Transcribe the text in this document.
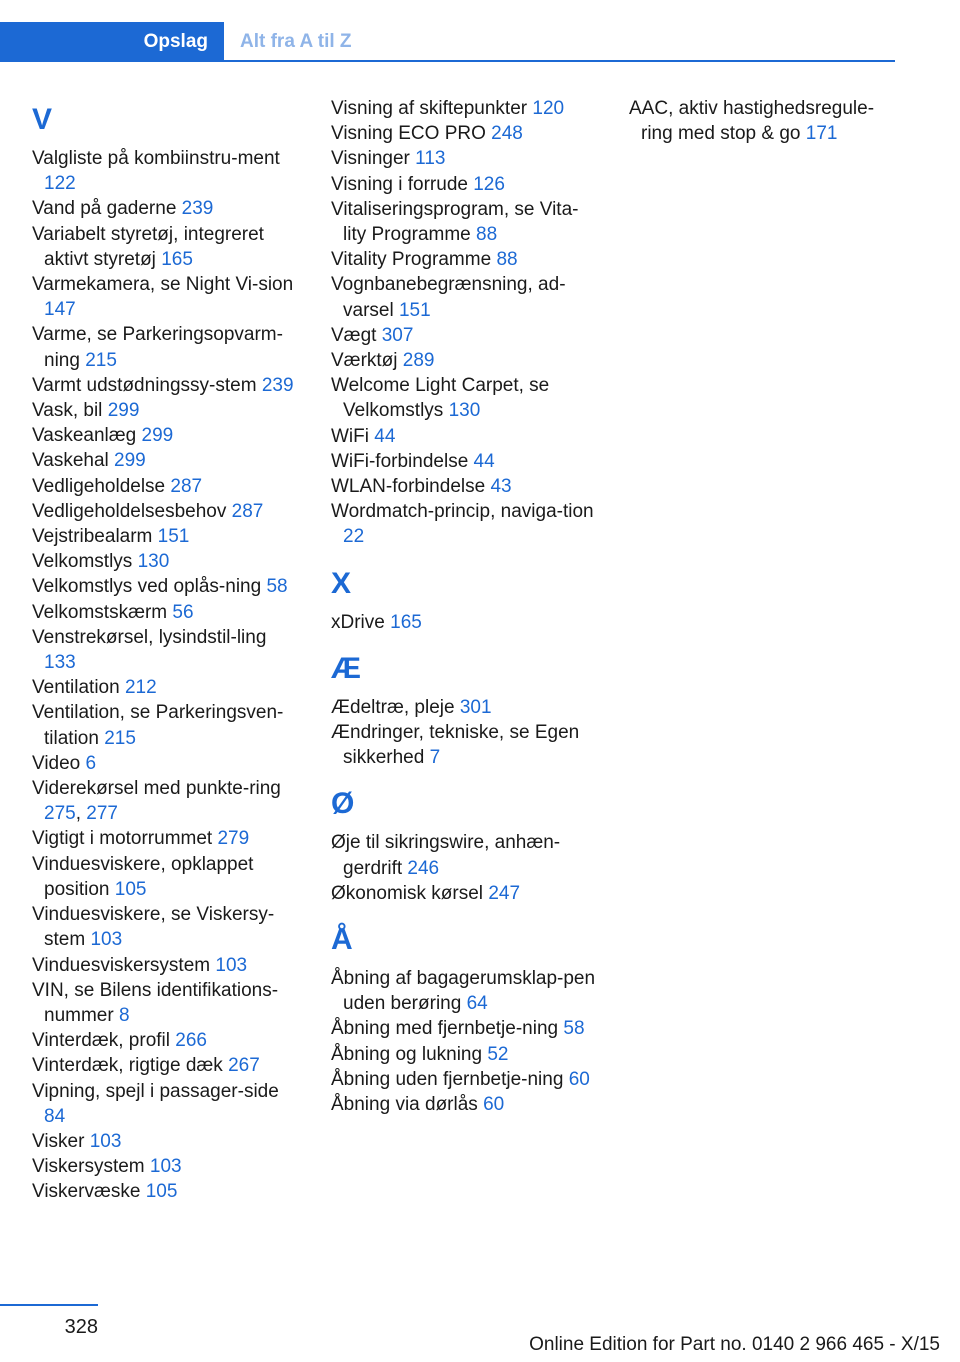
Opslag	Alt fra A til Z
V
Valgliste på kombiinstru‐ment 122
Vand på gaderne 239
Variabelt styretøj, integreret aktivt styretøj 165
Varmekamera, se Night Vi‐sion 147
Varme, se Parkeringsopvarm‐ning 215
Varmt udstødningssy‐stem 239
Vask, bil 299
Vaskeanlæg 299
Vaskehal 299
Vedligeholdelse 287
Vedligeholdelsesbehov 287
Vejstribealarm 151
Velkomstlys 130
Velkomstlys ved oplås‐ning 58
Velkomstskærm 56
Venstrekørsel, lysindstil‐ling 133
Ventilation 212
Ventilation, se Parkeringsven‐tilation 215
Video 6
Viderekørsel med punkte‐ring 275, 277
Vigtigt i motorrummet 279
Vinduesviskere, opklappet position 105
Vinduesviskere, se Viskersy‐stem 103
Vinduesviskersystem 103
VIN, se Bilens identifikations‐nummer 8
Vinterdæk, profil 266
Vinterdæk, rigtige dæk 267
Vipning, spejl i passager‐side 84
Visker 103
Viskersystem 103
Viskervæske 105
Visning af skiftepunkter 120
Visning ECO PRO 248
Visninger 113
Visning i forrude 126
Vitaliseringsprogram, se Vita‐lity Programme 88
Vitality Programme 88
Vognbanebegrænsning, ad‐varsel 151
Vægt 307
Værktøj 289
Welcome Light Carpet, se Velkomstlys 130
WiFi 44
WiFi-forbindelse 44
WLAN-forbindelse 43
Wordmatch-princip, naviga‐tion 22
X
xDrive 165
Æ
Ædeltræ, pleje 301
Ændringer, tekniske, se Egen sikkerhed 7
Ø
Øje til sikringswire, anhæn‐gerdrift 246
Økonomisk kørsel 247
Å
Åbning af bagagerumsklap‐pen uden berøring 64
Åbning med fjernbetje‐ning 58
Åbning og lukning 52
Åbning uden fjernbetje‐ning 60
Åbning via dørlås 60
AAC, aktiv hastighedsregule‐ring med stop & go 171
328
Online Edition for Part no. 0140 2 966 465 - X/15
